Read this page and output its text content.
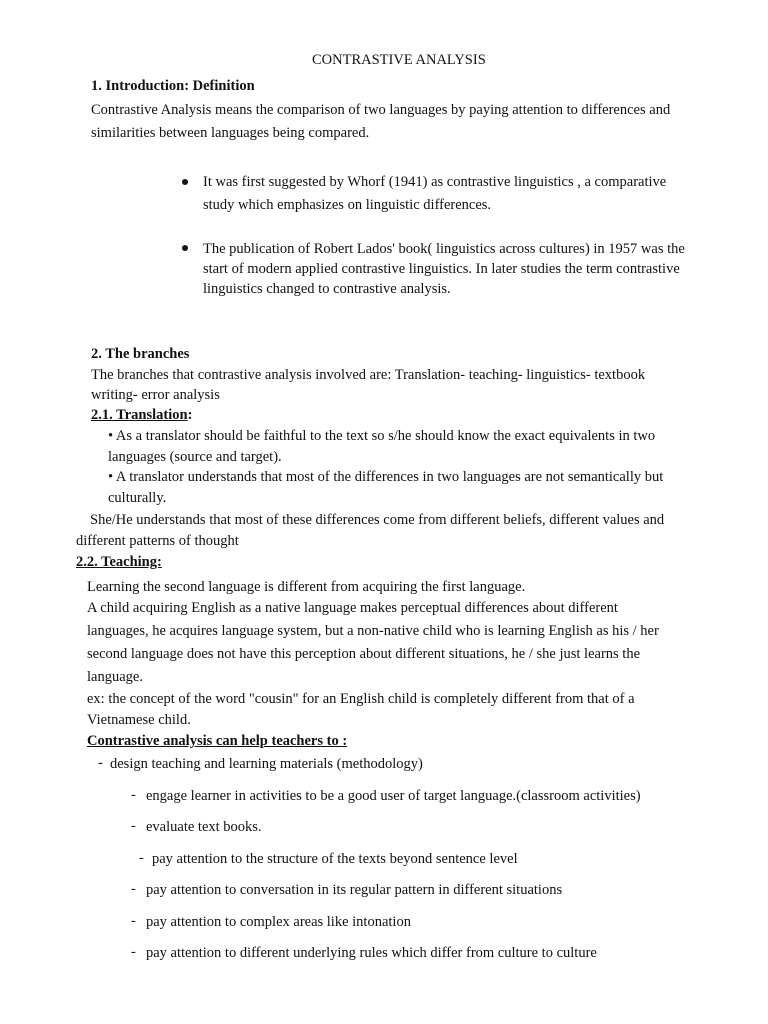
CONTRASTIVE ANALYSIS
1. Introduction: Definition
Contrastive Analysis means the comparison of two languages by paying attention to differences and
similarities between languages being compared.
It was first suggested by Whorf (1941) as contrastive linguistics , a comparative
study which emphasizes on linguistic differences.
The publication of Robert Lados' book( linguistics across cultures) in 1957 was the
start of modern applied contrastive linguistics. In later studies the term contrastive
linguistics changed to contrastive analysis.
2. The branches
The branches that contrastive analysis involved are: Translation- teaching- linguistics- textbook
writing- error analysis
2.1. Translation:
• As a translator should be faithful to the text so s/he should know the exact equivalents in two
languages (source and target).
• A translator understands that most of the differences in two languages are not semantically but
culturally.
She/He understands that most of these differences come from different beliefs, different values and
different patterns of thought
2.2. Teaching:
Learning the second language is different from acquiring the first language.
A child acquiring English as a native language makes perceptual differences about different
languages, he acquires language system, but a non-native child who is learning English as his / her
second language does not have this perception about different situations, he / she just learns the
language.
ex: the concept of the word "cousin" for an English child is completely different from that of a
Vietnamese child.
Contrastive analysis can help teachers to :
- design teaching and learning materials (methodology)
- engage learner in activities to be a good user of target language.(classroom activities)
- evaluate text books.
- pay attention to the structure of the texts beyond sentence level
- pay attention to conversation in its regular pattern in different situations
- pay attention to complex areas like intonation
- pay attention to different underlying rules which differ from culture to culture
